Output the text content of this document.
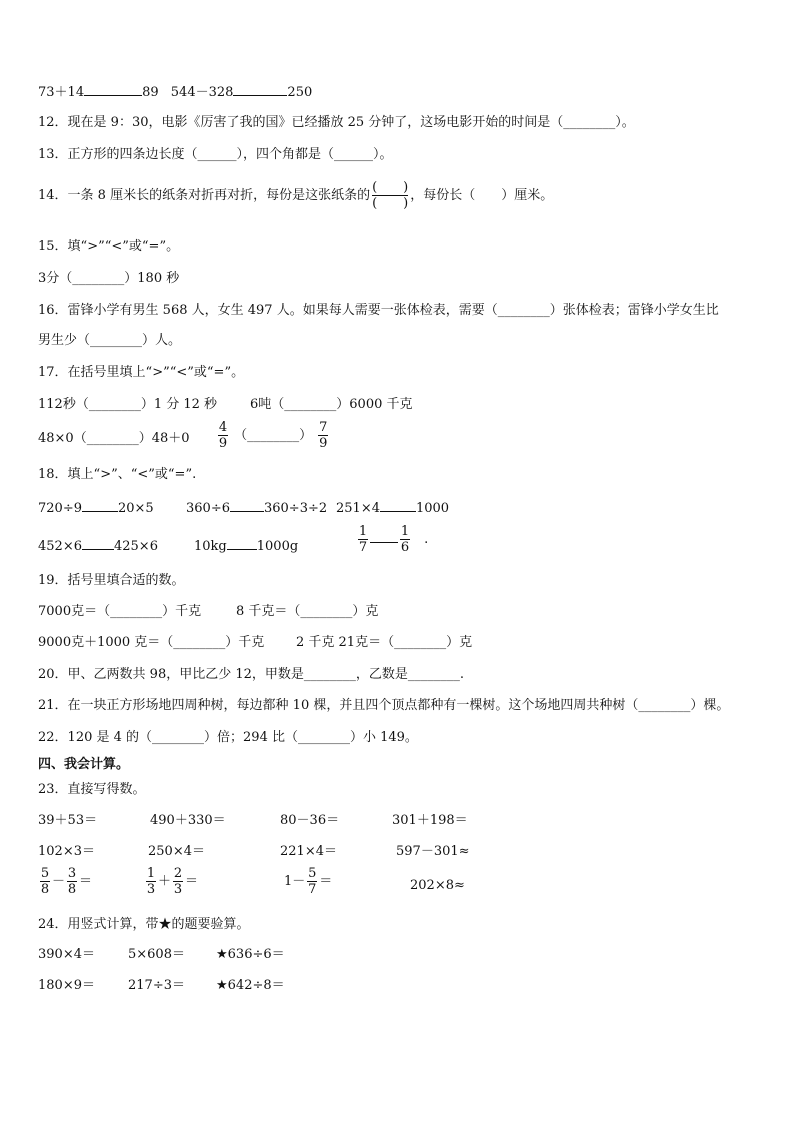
73＋14	89 544－328	250
12．现在是 9：30，电影《厉害了我的国》已经播放 25 分钟了，这场电影开始的时间是（________）。
13．正方形的四条边长度（______），四个角都是（______）。
14．一条 8 厘米长的纸条对折再对折，每份是这张纸条的 $\frac{( )}{( )}$ ，每份长（　　）厘米。
15．填“>”“<”或“=”。
3分（________）180 秒
16．雷锋小学有男生 568 人，女生 497 人。如果每人需要一张体检表，需要（________）张体检表；雷锋小学女生比
男生少（________）人。
17．在括号里填上“>”“<”或“=”。
112秒（________）1 分 12 秒	6吨（________）6000 千克
48×0（________）48＋0 $\frac{4}{9}$ （________） $\frac{7}{9}$
18．填上“>”、“<”或“=”.
720÷9	20×5 360÷6	360÷3÷2 251×4	1000
452×6 425×6	10kg 1000g	$\frac{1}{7} \frac{1}{6}$ .
19．括号里填合适的数。
7000克＝（________）千克	8 千克＝（________）克
9000克＋1000 克＝（________）千克 2 千克 21克＝（________）克
20．甲、乙两数共 98，甲比乙少 12，甲数是________，乙数是________.
21．在一块正方形场地四周种树，每边都种 10 棵，并且四个顶点都种有一棵树。这个场地四周共种树（________）棵。
22．120 是 4 的（________）倍；294 比（________）小 149。
四、我会计算。
23．直接写得数。
39＋53＝	490＋330＝	80－36＝	301＋198＝
102×3＝	250×4＝	221×4＝	597－301≈
$\frac{5}{8} - \frac{3}{8}$ ＝	$\frac{1}{3} + \frac{2}{3}$ ＝	$1- \frac{5}{7}$ ＝	202×8≈
24．用竖式计算，带★的题要验算。
390×4＝	5×608＝ ★636÷6＝
180×9＝	217÷3＝ ★642÷8＝
